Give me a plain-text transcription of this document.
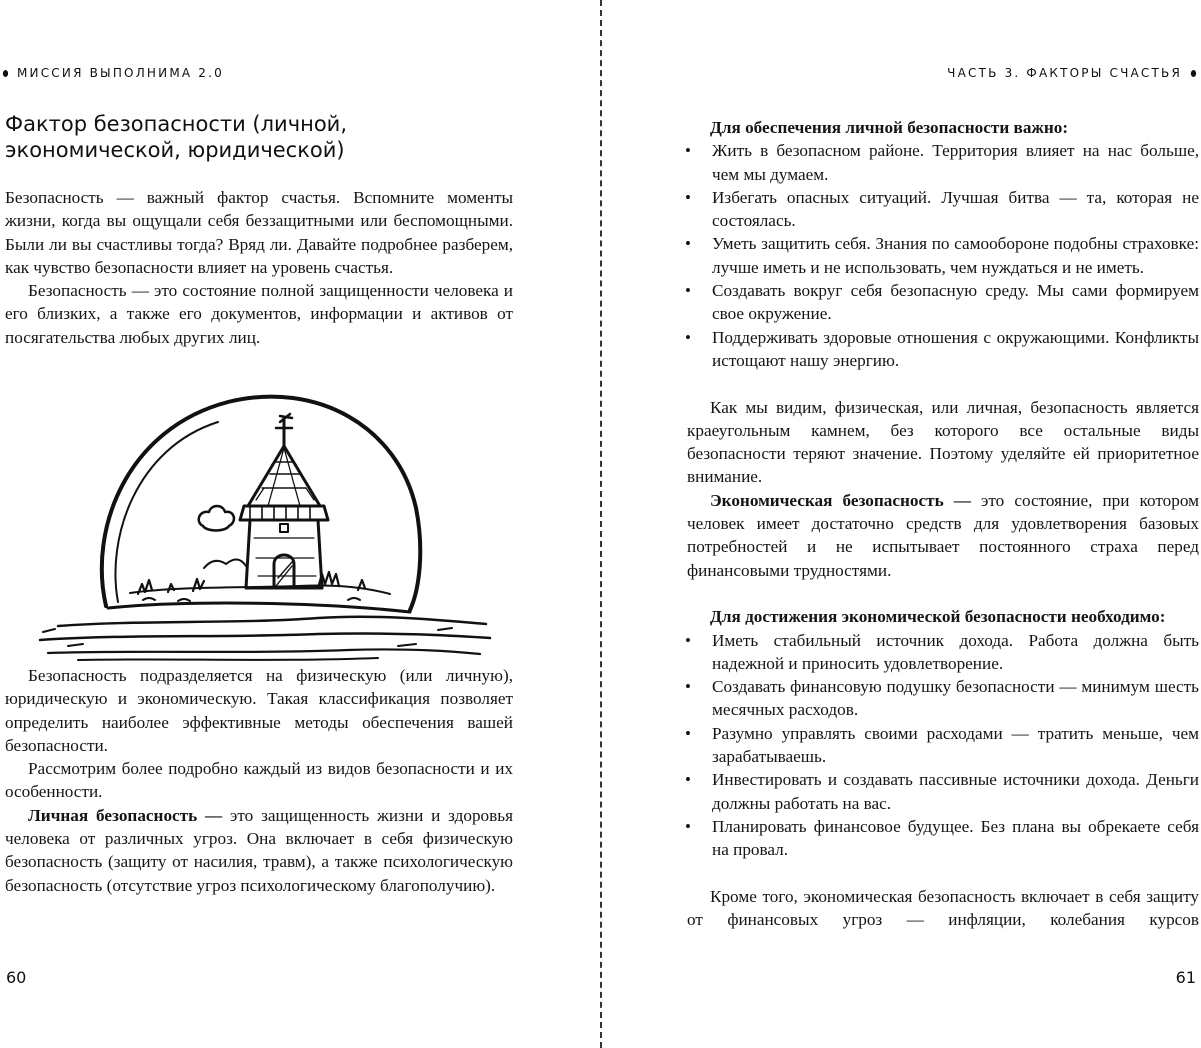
МИССИЯ ВЫПОЛНИМА 2.0
Фактор безопасности (личной, экономической, юридической)

Безопасность — важный фактор счастья. Вспомните моменты жизни, когда вы ощущали себя беззащитными или беспомощными. Были ли вы счастливы тогда? Вряд ли. Давайте подробнее разберем, как чувство безопасности влияет на уровень счастья.

Безопасность — это состояние полной защищенности человека и его близких, а также его документов, информации и активов от посягательства любых других лиц.

Безопасность подразделяется на физическую (или личную), юридическую и экономическую. Такая классификация позволяет определить наиболее эффективные методы обеспечения вашей безопасности.

Рассмотрим более подробно каждый из видов безопасности и их особенности.

Личная безопасность — это защищенность жизни и здоровья человека от различных угроз. Она включает в себя физическую безопасность (защиту от насилия, травм), а также психологическую безопасность (отсутствие угроз психологическому благополучию).

60
ЧАСТЬ 3. ФАКТОРЫ СЧАСТЬЯ

Для обеспечения личной безопасности важно:

• Жить в безопасном районе. Территория влияет на нас больше, чем мы думаем.
• Избегать опасных ситуаций. Лучшая битва — та, которая не состоялась.
• Уметь защитить себя. Знания по самообороне подобны страховке: лучше иметь и не использовать, чем нуждаться и не иметь.
• Создавать вокруг себя безопасную среду. Мы сами формируем свое окружение.
• Поддерживать здоровые отношения с окружающими. Конфликты истощают нашу энергию.

Как мы видим, физическая, или личная, безопасность является краеугольным камнем, без которого все остальные виды безопасности теряют значение. Поэтому уделяйте ей приоритетное внимание.

Экономическая безопасность — это состояние, при котором человек имеет достаточно средств для удовлетворения базовых потребностей и не испытывает постоянного страха перед финансовыми трудностями.

Для достижения экономической безопасности необходимо:

• Иметь стабильный источник дохода. Работа должна быть надежной и приносить удовлетворение.
• Создавать финансовую подушку безопасности — минимум шесть месячных расходов.
• Разумно управлять своими расходами — тратить меньше, чем зарабатываешь.
• Инвестировать и создавать пассивные источники дохода. Деньги должны работать на вас.
• Планировать финансовое будущее. Без плана вы обрекаете себя на провал.

Кроме того, экономическая безопасность включает в себя защиту от финансовых угроз — инфляции, колебания курсов

61
